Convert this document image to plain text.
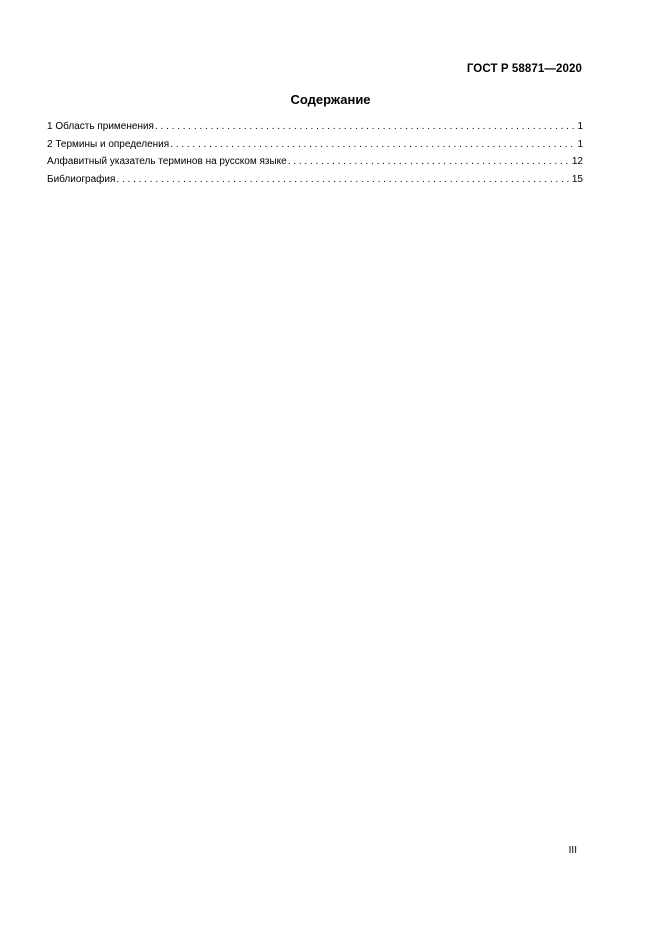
ГОСТ Р 58871—2020
Содержание
1 Область применения . . .	1
2 Термины и определения . . .	1
Алфавитный указатель терминов на русском языке . . .	12
Библиография . . .	15
III
